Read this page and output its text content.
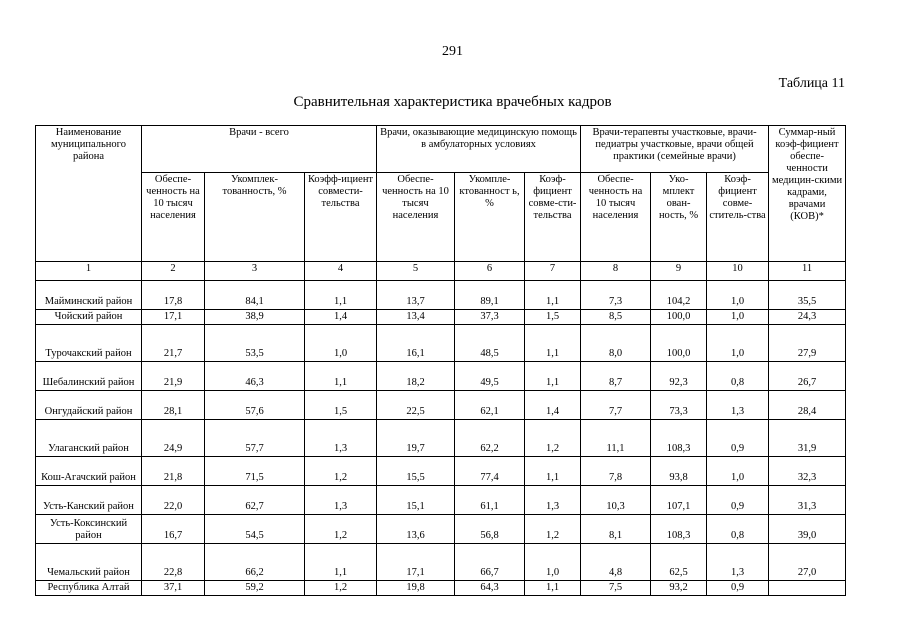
291
Таблица 11
Сравнительная характеристика врачебных кадров
Наименование муниципального района	Врачи - всего			Врачи, оказывающие медицинскую помощь в амбулаторных условиях			Врачи-терапевты участковые, врачи-педиатры участковые, врачи общей практики (семейные врачи)			Суммар-ный коэф-фициент обеспе-ченности медицин-скими кадрами, врачами (КОВ)*
	Обеспе-ченность на 10 тысяч населения	Укомплек-тованность, %	Коэфф-ициент совмести-тельства	Обеспе-ченность на 10 тысяч населения	Укомпле-ктованност ь, %	Коэф-фициент совме-сти-тельства	Обеспе-ченность на 10 тысяч населения	Уко-мплект ован-ность, %	Коэф-фициент совме-ститель-ства	
1	2	3	4	5	6	7	8	9	10	11
Майминский район	17,8	84,1	1,1	13,7	89,1	1,1	7,3	104,2	1,0	35,5
Чойский район	17,1	38,9	1,4	13,4	37,3	1,5	8,5	100,0	1,0	24,3
Турочакский район	21,7	53,5	1,0	16,1	48,5	1,1	8,0	100,0	1,0	27,9
Шебалинский район	21,9	46,3	1,1	18,2	49,5	1,1	8,7	92,3	0,8	26,7
Онгудайский район	28,1	57,6	1,5	22,5	62,1	1,4	7,7	73,3	1,3	28,4
Улаганский район	24,9	57,7	1,3	19,7	62,2	1,2	11,1	108,3	0,9	31,9
Кош-Агачский район	21,8	71,5	1,2	15,5	77,4	1,1	7,8	93,8	1,0	32,3
Усть-Канский район	22,0	62,7	1,3	15,1	61,1	1,3	10,3	107,1	0,9	31,3
Усть-Коксинский район	16,7	54,5	1,2	13,6	56,8	1,2	8,1	108,3	0,8	39,0
Чемальский район	22,8	66,2	1,1	17,1	66,7	1,0	4,8	62,5	1,3	27,0
Республика Алтай	37,1	59,2	1,2	19,8	64,3	1,1	7,5	93,2	0,9	
